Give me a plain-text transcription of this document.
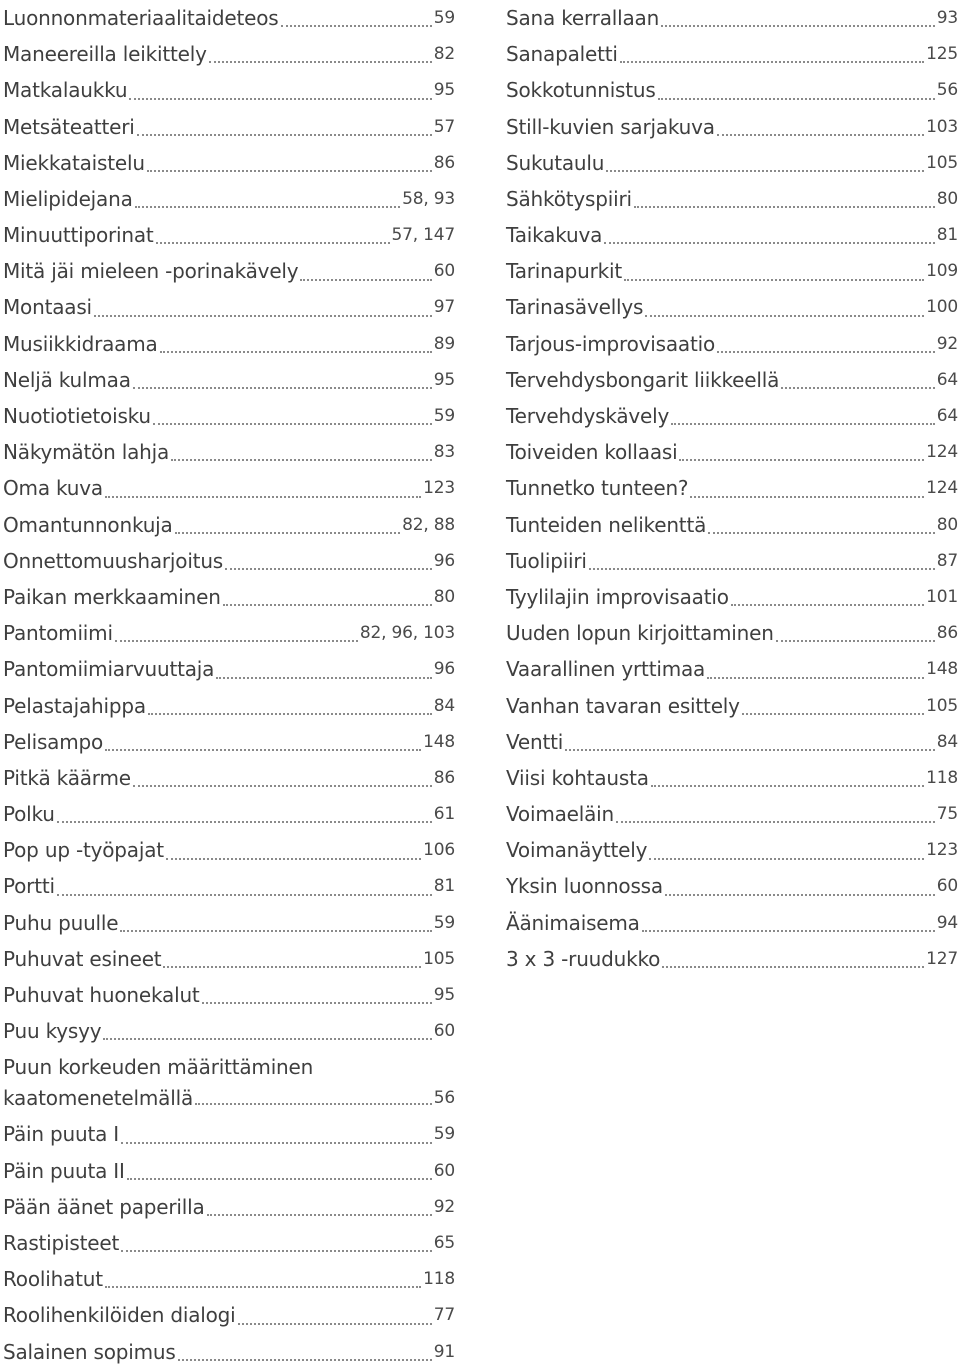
Luonnonmateriaalitaideteos	59
Maneereilla leikittely	82
Matkalaukku	95
Metsäteatteri	57
Miekkataistelu	86
Mielipidejana	58, 93
Minuuttiporinat	57, 147
Mitä jäi mieleen -porinakävely	60
Montaasi	97
Musiikkidraama	89
Neljä kulmaa	95
Nuotiotietoisku	59
Näkymätön lahja	83
Oma kuva	123
Omantunnonkuja	82, 88
Onnettomuusharjoitus	96
Paikan merkkaaminen	80
Pantomiimi	82, 96, 103
Pantomiimiarvuuttaja	96
Pelastajahippa	84
Pelisampo	148
Pitkä käärme	86
Polku	61
Pop up -työpajat	106
Portti	81
Puhu puulle	59
Puhuvat esineet	105
Puhuvat huonekalut	95
Puu kysyy	60
Puun korkeuden määrittäminen
kaatomenetelmällä	56
Päin puuta I	59
Päin puuta II	60
Pään äänet paperilla	92
Rastipisteet	65
Roolihatut	118
Roolihenkilöiden dialogi	77
Salainen sopimus	91
Sana kerrallaan	93
Sanapaletti	125
Sokkotunnistus	56
Still-kuvien sarjakuva	103
Sukutaulu	105
Sähkötyspiiri	80
Taikakuva	81
Tarinapurkit	109
Tarinasävellys	100
Tarjous-improvisaatio	92
Tervehdysbongarit liikkeellä	64
Tervehdyskävely	64
Toiveiden kollaasi	124
Tunnetko tunteen?	124
Tunteiden nelikenttä	80
Tuolipiiri	87
Tyylilajin improvisaatio	101
Uuden lopun kirjoittaminen	86
Vaarallinen yrttimaa	148
Vanhan tavaran esittely	105
Ventti	84
Viisi kohtausta	118
Voimaeläin	75
Voimanäyttely	123
Yksin luonnossa	60
Äänimaisema	94
3 x 3 -ruudukko	127
